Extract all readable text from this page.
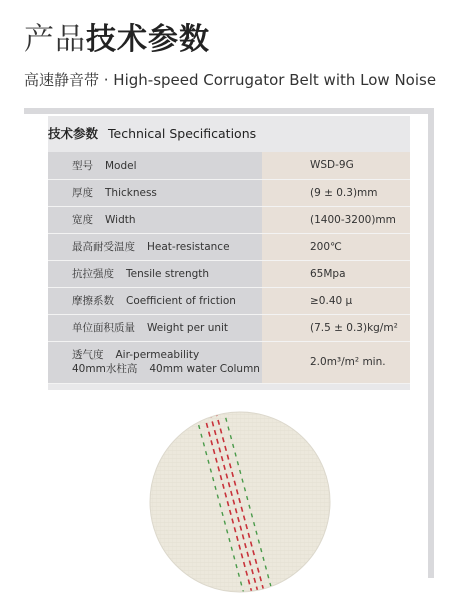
产品技术参数
高速静音带 · High-speed Corrugator Belt with Low Noise
技术参数 Technical Specifications
型号 Model	WSD-9G
厚度 Thickness	(9 ± 0.3)mm
宽度 Width	(1400-3200)mm
最高耐受温度 Heat-resistance	200℃
抗拉强度 Tensile strength	65Mpa
摩擦系数 Coefficient of friction	≥0.40 μ
单位面积质量 Weight per unit	(7.5 ± 0.3)kg/m²

透气度 Air-permeability
40mm水柱高 40mm water Column	2.0m³/m² min.
